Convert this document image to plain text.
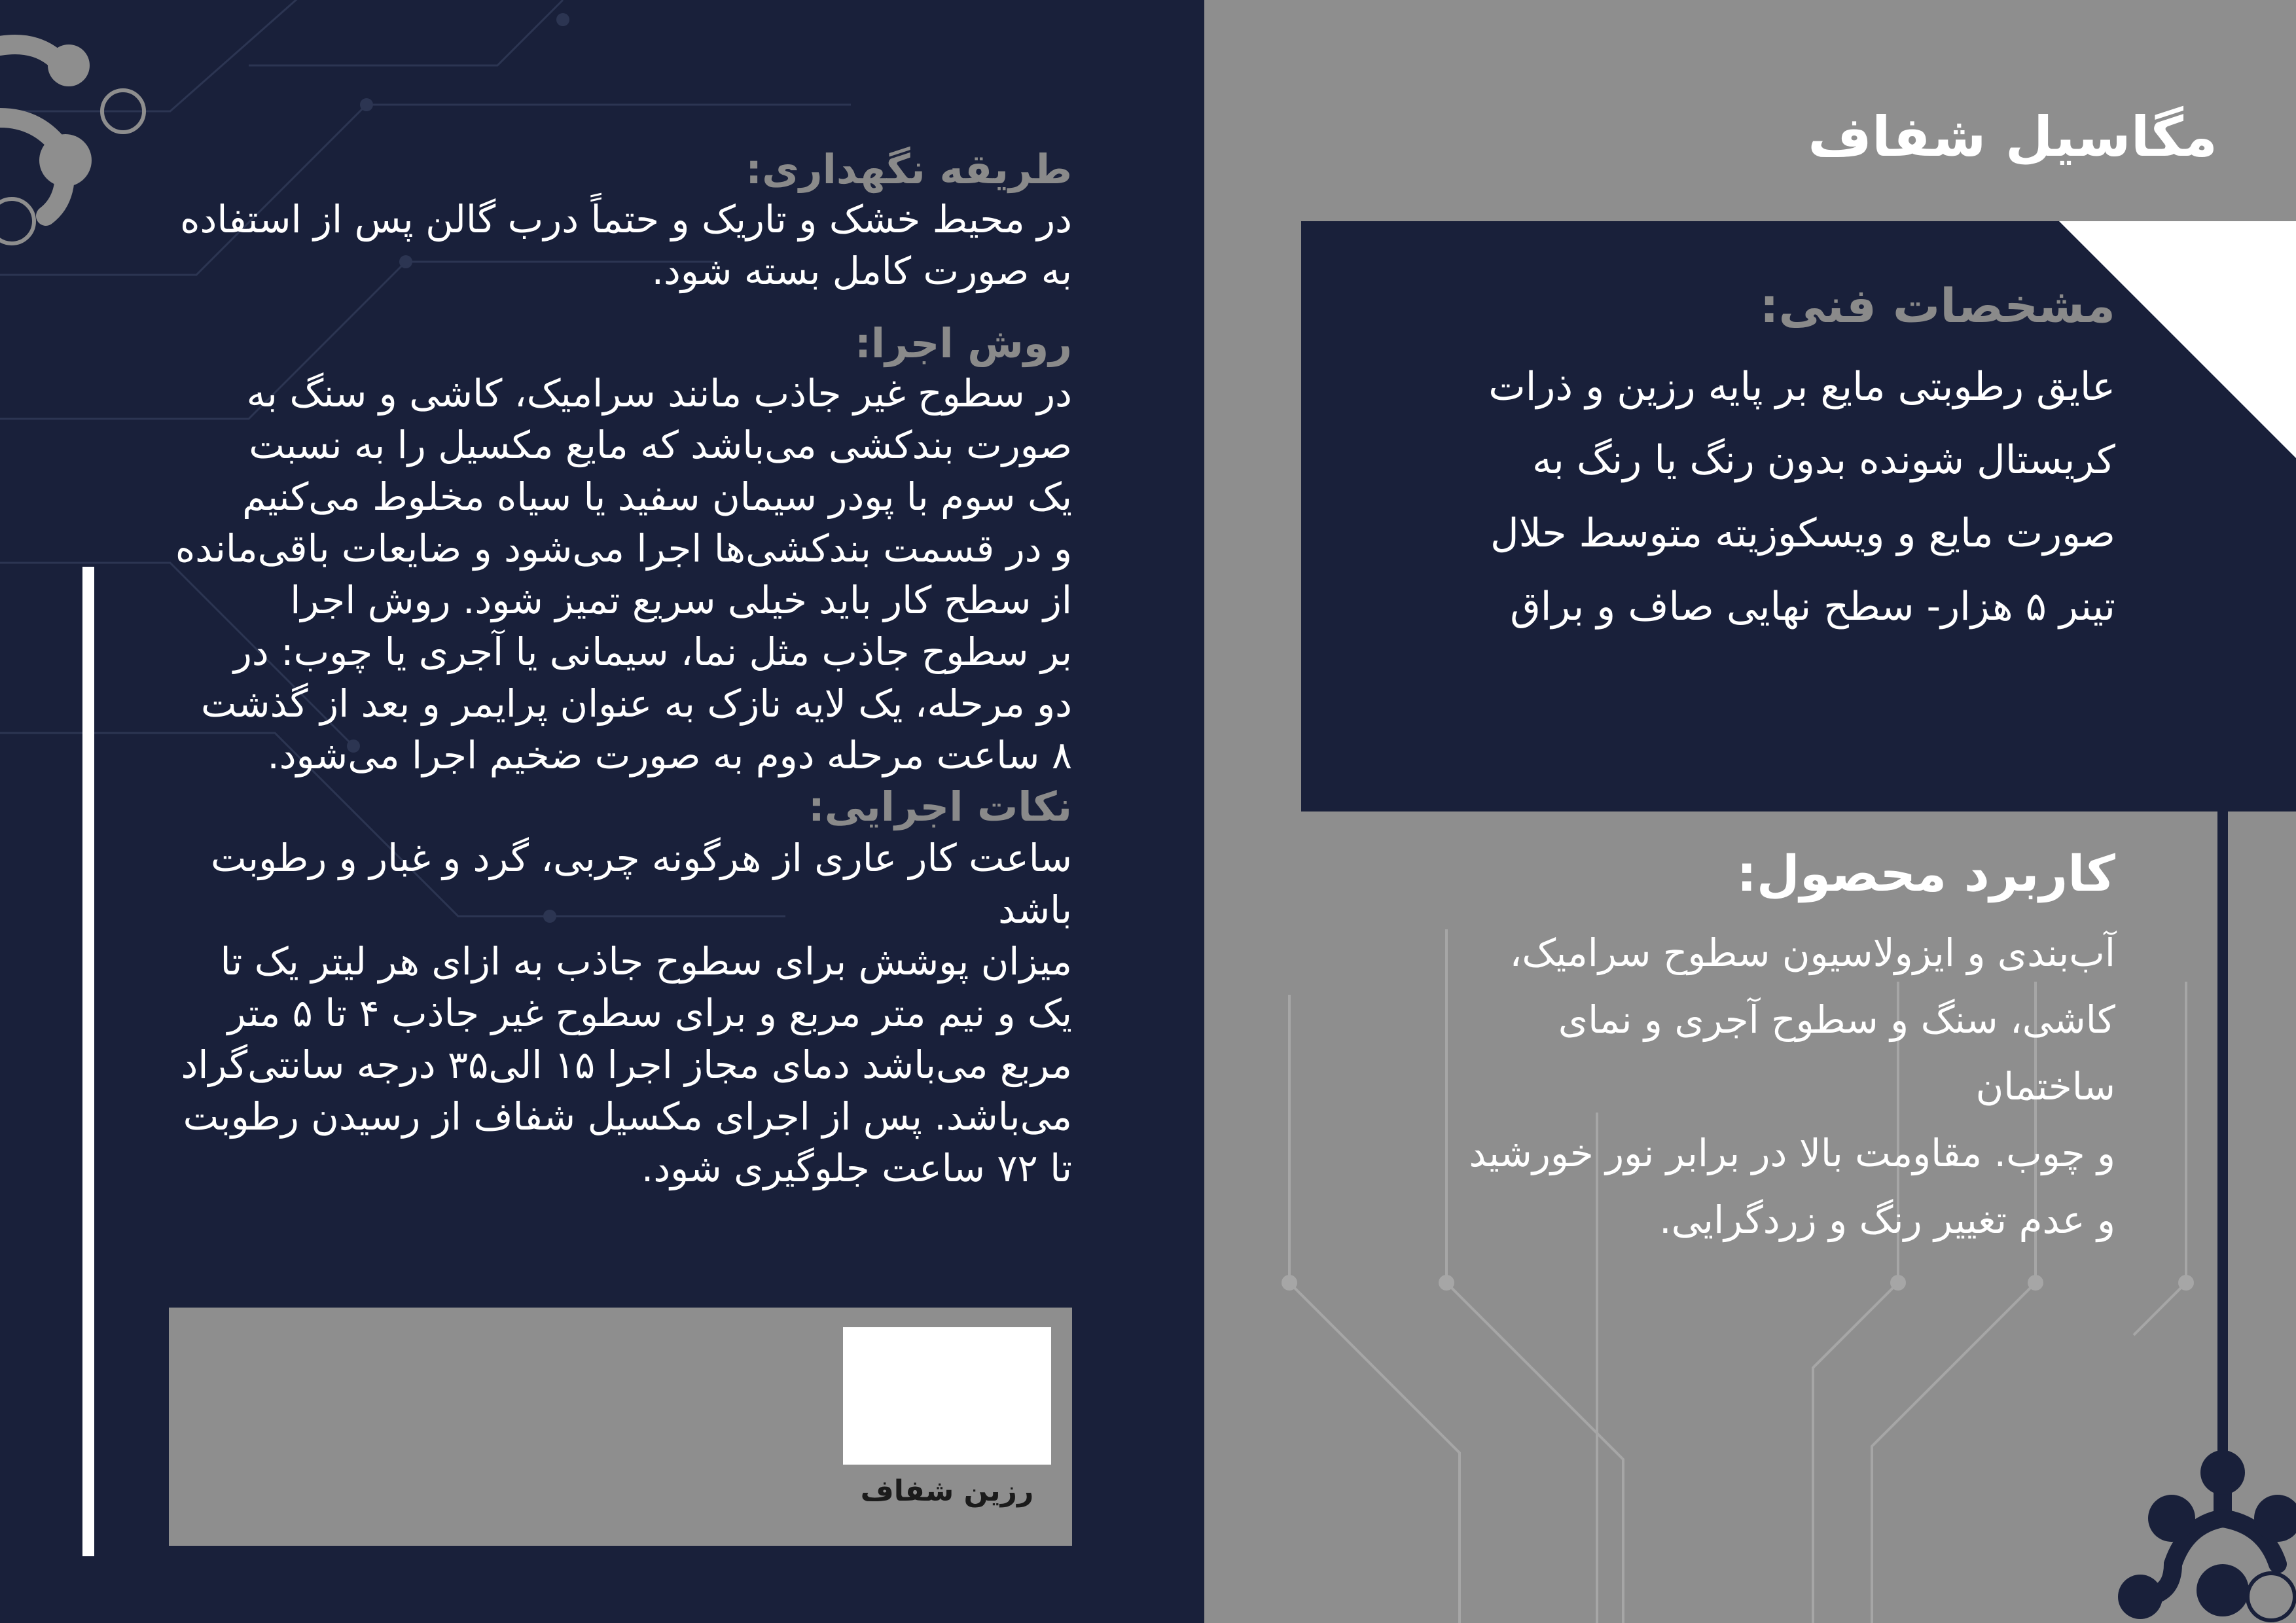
طریقه نگهداری:

در محیط خشک و تاریک و حتماً درب گالن پس از استفاده

به صورت کامل بسته شود.

روش اجرا:

در سطوح غیر جاذب مانند سرامیک، کاشی و سنگ به

صورت بندکشی می‌باشد که مایع مکسیل را به نسبت

یک سوم با پودر سیمان سفید یا سیاه مخلوط می‌کنیم

و در قسمت بندکشی‌ها اجرا می‌شود و ضایعات باقی‌مانده

از سطح کار باید خیلی سریع تمیز شود. روش اجرا

بر سطوح جاذب مثل نما، سیمانی یا آجری یا چوب: در

دو مرحله، یک لایه نازک به عنوان پرایمر و بعد از گذشت

۸ ساعت مرحله دوم به صورت ضخیم اجرا می‌شود.

نکات اجرایی:

ساعت کار عاری از هرگونه چربی، گرد و غبار و رطوبت باشد

میزان پوشش برای سطوح جاذب به ازای هر لیتر یک تا

یک و نیم متر مربع و برای سطوح غیر جاذب ۴ تا ۵ متر

مربع می‌باشد دمای مجاز اجرا ۱۵ الی۳۵ درجه سانتی‌گراد

می‌باشد. پس از اجرای مکسیل شفاف از رسیدن رطوبت

تا ۷۲ ساعت جلوگیری شود.

رزین شفاف
مگاسیل شفاف
مشخصات فنی:

عایق رطوبتی مایع بر پایه رزین و ذرات

کریستال شونده بدون رنگ یا رنگ به

صورت مایع و ویسکوزیته متوسط حلال

تینر ۵ هزار- سطح نهایی صاف و براق

کاربرد محصول:

آب‌بندی و ایزولاسیون سطوح سرامیک،

کاشی، سنگ و سطوح آجری و نمای ساختمان

و چوب. مقاومت بالا در برابر نور خورشید

و عدم تغییر رنگ و زردگرایی.
